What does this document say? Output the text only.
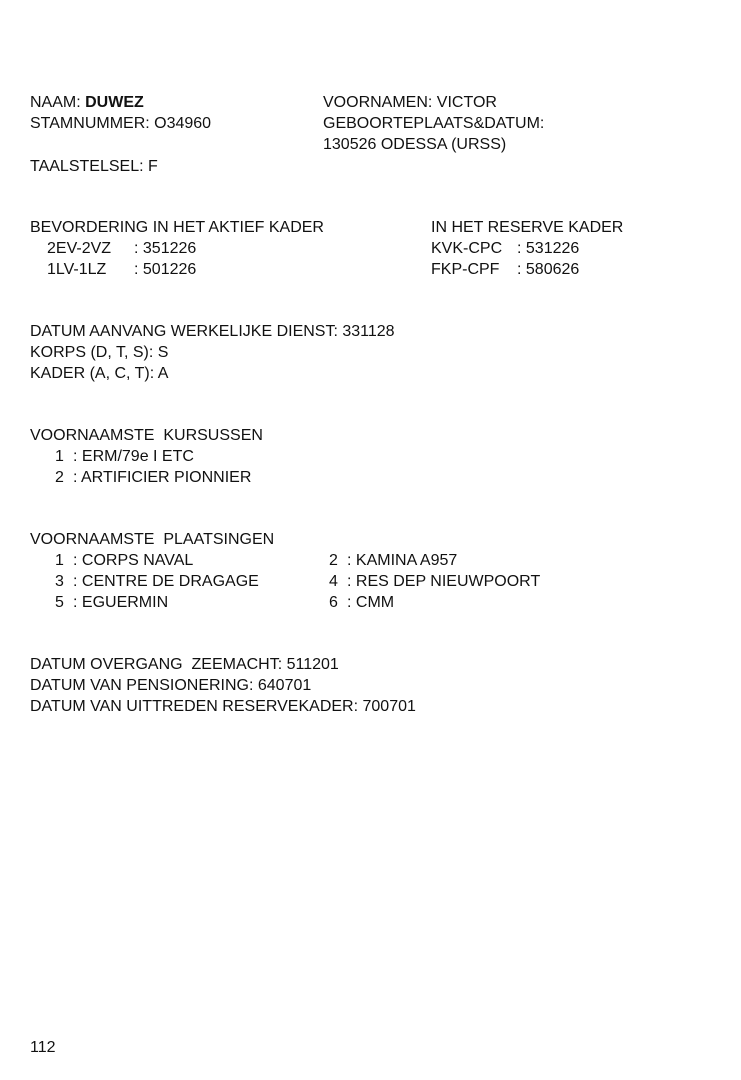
NAAM: DUWEZ
STAMNUMMER: O34960
TAALSTELSEL: F
VOORNAMEN: VICTOR
GEBOORTEPLAATS&DATUM:
130526 ODESSA (URSS)
BEVORDERING IN HET AKTIEF KADER
2EV-2VZ : 351226
1LV-1LZ : 501226
IN HET RESERVE KADER
KVK-CPC : 531226
FKP-CPF : 580626
DATUM AANVANG WERKELIJKE DIENST: 331128
KORPS (D, T, S): S
KADER (A, C, T): A
VOORNAAMSTE  KURSUSSEN
1 : ERM/79e I ETC
2 : ARTIFICIER PIONNIER
VOORNAAMSTE  PLAATSINGEN
1 : CORPS NAVAL	2 : KAMINA A957
3 : CENTRE DE DRAGAGE	4 : RES DEP NIEUWPOORT
5 : EGUERMIN	6 : CMM
DATUM OVERGANG  ZEEMACHT: 511201
DATUM VAN PENSIONERING: 640701
DATUM VAN UITTREDEN RESERVEKADER: 700701
112
